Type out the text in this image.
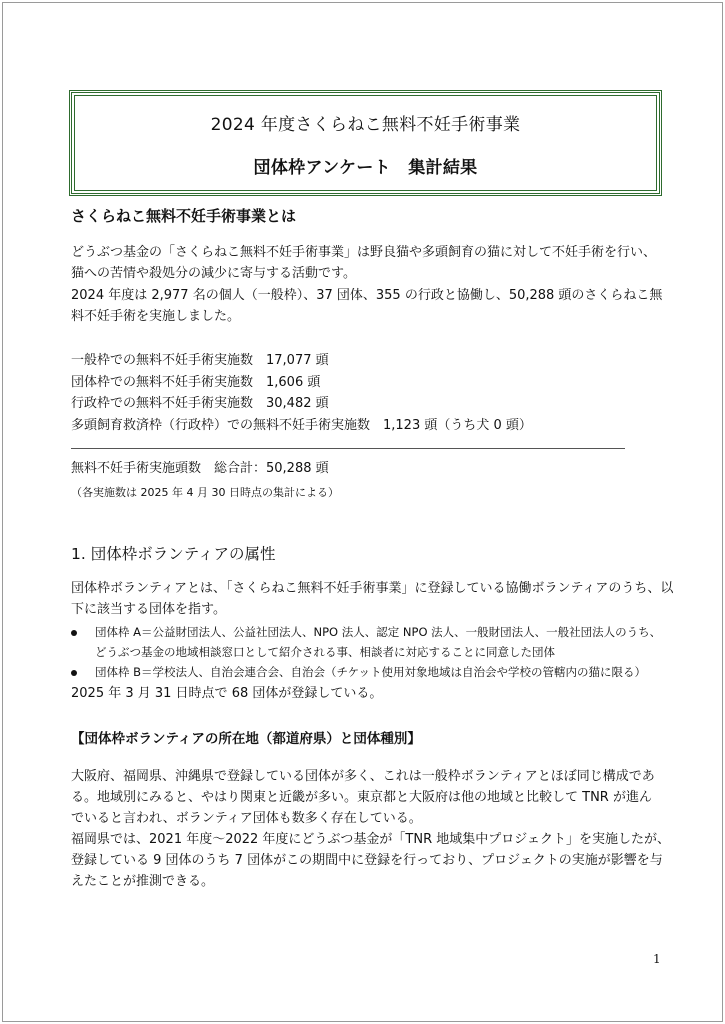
2024 年度さくらねこ無料不妊手術事業
団体枠アンケート　集計結果
さくらねこ無料不妊手術事業とは
どうぶつ基金の「さくらねこ無料不妊手術事業」は野良猫や多頭飼育の猫に対して不妊手術を行い、
猫への苦情や殺処分の減少に寄与する活動です。
2024 年度は 2,977 名の個人（一般枠）、37 団体、355 の行政と協働し、50,288 頭のさくらねこ無
料不妊手術を実施しました。
一般枠での無料不妊手術実施数　17,077 頭
団体枠での無料不妊手術実施数　1,606 頭
行政枠での無料不妊手術実施数　30,482 頭
多頭飼育救済枠（行政枠）での無料不妊手術実施数　1,123 頭（うち犬 0 頭）
無料不妊手術実施頭数　総合計：50,288 頭
（各実施数は 2025 年 4 月 30 日時点の集計による）
1. 団体枠ボランティアの属性
団体枠ボランティアとは、「さくらねこ無料不妊手術事業」に登録している協働ボランティアのうち、以
下に該当する団体を指す。
団体枠 A＝公益財団法人、公益社団法人、NPO 法人、認定 NPO 法人、一般財団法人、一般社団法人のうち、
どうぶつ基金の地域相談窓口として紹介される事、相談者に対応することに同意した団体
団体枠 B＝学校法人、自治会連合会、自治会（チケット使用対象地域は自治会や学校の管轄内の猫に限る）
2025 年 3 月 31 日時点で 68 団体が登録している。
【団体枠ボランティアの所在地（都道府県）と団体種別】
大阪府、福岡県、沖縄県で登録している団体が多く、これは一般枠ボランティアとほぼ同じ構成であ
る。地域別にみると、やはり関東と近畿が多い。東京都と大阪府は他の地域と比較して TNR が進ん
でいると言われ、ボランティア団体も数多く存在している。
福岡県では、2021 年度～2022 年度にどうぶつ基金が「TNR 地域集中プロジェクト」を実施したが、
登録している 9 団体のうち 7 団体がこの期間中に登録を行っており、プロジェクトの実施が影響を与
えたことが推測できる。
1
